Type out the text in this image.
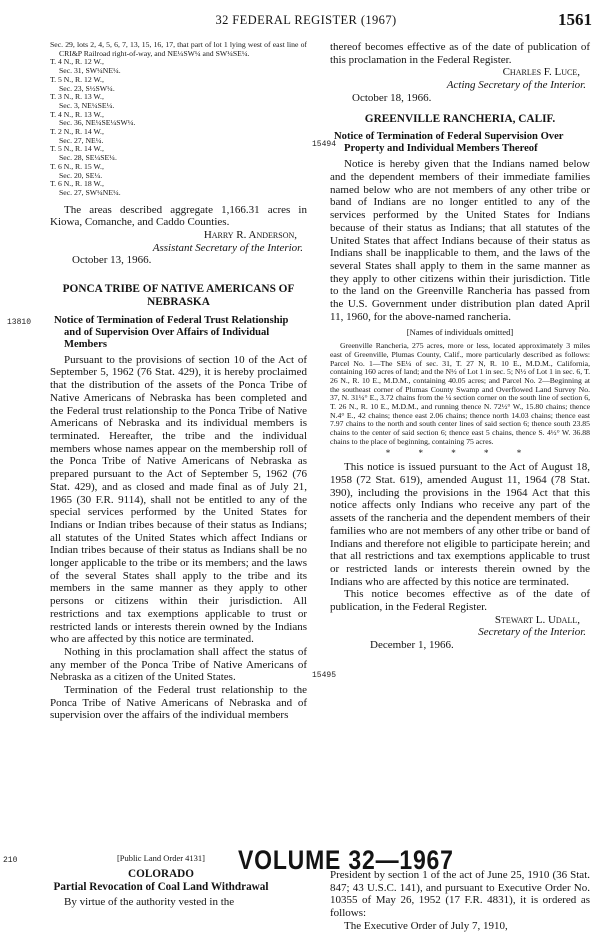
32 FEDERAL REGISTER (1967)	1561
13810
15494
15495
210

Sec. 29, lots 2, 4, 5, 6, 7, 13, 15, 16, 17, that part of lot 1 lying west of east line of CRI&P Railroad right-of-way, and NE¼SW¼ and SW¼SE¼.

T. 4 N., R. 12 W.,

Sec. 31, SW¼NE¼.

T. 5 N., R. 12 W.,

Sec. 23, S½SW¼.

T. 3 N., R. 13 W.,

Sec. 3, NE¼SE¼.

T. 4 N., R. 13 W.,

Sec. 36, NE¼SE¼SW¼.

T. 2 N., R. 14 W.,

Sec. 27, NE¼.

T. 5 N., R. 14 W.,

Sec. 28, SE¼SE¼.

T. 6 N., R. 15 W.,

Sec. 20, SE¼.

T. 6 N., R. 18 W.,

Sec. 27, SW¼NE¼.

The areas described aggregate 1,166.31 acres in Kiowa, Comanche, and Caddo Counties.

Harry R. Anderson,

Assistant Secretary of the Interior.

October 13, 1966.

PONCA TRIBE OF NATIVE AMERICANS OF NEBRASKA

Notice of Termination of Federal Trust Relationship and of Supervision Over Affairs of Individual Members

Pursuant to the provisions of section 10 of the Act of September 5, 1962 (76 Stat. 429), it is hereby proclaimed that the distribution of the assets of the Ponca Tribe of Native Americans of Nebraska has been completed and the Federal trust relationship to the Ponca Tribe of Native Americans of Nebraska and its individual members is terminated. Hereafter, the tribe and the individual members whose names appear on the membership roll of the Ponca Tribe of Native Americans of Nebraska as prepared pursuant to the Act of September 5, 1962 (76 Stat. 429), and as closed and made final as of July 21, 1965 (30 F.R. 9114), shall not be entitled to any of the special services performed by the United States for Indians or Indian tribes because of their status as Indians; all statutes of the United States which affect Indians or Indian tribes because of their status as Indians shall be no longer applicable to the tribe or its members; and the laws of the several States shall apply to the tribe and its members in the same manner as they apply to other persons or citizens within their jurisdiction. All restrictions and tax exemptions applicable to trust or restricted lands or interests therein owned by the Indians who are affected by this notice are terminated.

Nothing in this proclamation shall affect the status of any member of the Ponca Tribe of Native Americans of Nebraska as a citizen of the United States.

Termination of the Federal trust relationship to the Ponca Tribe of Native Americans of Nebraska and of supervision over the affairs of the individual members

thereof becomes effective as of the date of publication of this proclamation in the Federal Register.

Charles F. Luce,

Acting Secretary of the Interior.

October 18, 1966.

GREENVILLE RANCHERIA, CALIF.

Notice of Termination of Federal Supervision Over Property and Individual Members Thereof

Notice is hereby given that the Indians named below and the dependent members of their immediate families named below who are not members of any other tribe or band of Indians are no longer entitled to any of the services performed by the United States for Indians because of their status as Indians; that all statutes of the United States that affect Indians because of their status as Indians shall be inapplicable to them, and the laws of the several States shall apply to them in the same manner as they apply to other citizens within their jurisdiction. Title to the land on the Greenville Rancheria has passed from the U.S. Government under distribution plan dated April 11, 1960, for the above-named rancheria.

[Names of individuals omitted]

Greenville Rancheria, 275 acres, more or less, located approximately 3 miles east of Greenville, Plumas County, Calif., more particularly described as follows: Parcel No. 1—The SE¼ of sec. 31, T. 27 N, R. 10 E., M.D.M., California, containing 160 acres of land; and the N½ of Lot 1 in sec. 5; N½ of Lot 1 in sec. 6, T. 26 N., R. 10 E., M.D.M., containing 40.05 acres; and Parcel No. 2—Beginning at the southeast corner of Plumas County Swamp and Overflowed Land Survey No. 37, N. 31¼° E., 3.72 chains from the ¼ section corner on the south line of section 6, T. 26 N., R. 10 E., M.D.M., and running thence N. 72½° W., 15.80 chains; thence N.4° E., 42 chains; thence east 2.06 chains; thence north 14.03 chains; thence east 7.97 chains to the north and south center lines of said section 6; thence south 23.85 chains to the center of said section 6; thence east 5 chains, thence S. 4½° W. 36.88 chains to the place of beginning, containing 75 acres.

* * * * *

This notice is issued pursuant to the Act of August 18, 1958 (72 Stat. 619), amended August 11, 1964 (78 Stat. 390), including the provisions in the 1964 Act that this notice affects only Indians who receive any part of the assets of the rancheria and the dependent members of their families who are not members of any other tribe or band of Indians and therefore not eligible to participate herein; and that all restrictions and tax exemptions applicable to trust or restricted lands or interests therein owned by the Indians who are affected by this notice are terminated.

This notice becomes effective as of the date of publication, in the Federal Register.

Stewart L. Udall,

Secretary of the Interior.

December 1, 1966.

VOLUME 32—1967

[Public Land Order 4131]

COLORADO

Partial Revocation of Coal Land Withdrawal

By virtue of the authority vested in the

President by section 1 of the act of June 25, 1910 (36 Stat. 847; 43 U.S.C. 141), and pursuant to Executive Order No. 10355 of May 26, 1952 (17 F.R. 4831), it is ordered as follows:

The Executive Order of July 7, 1910,
